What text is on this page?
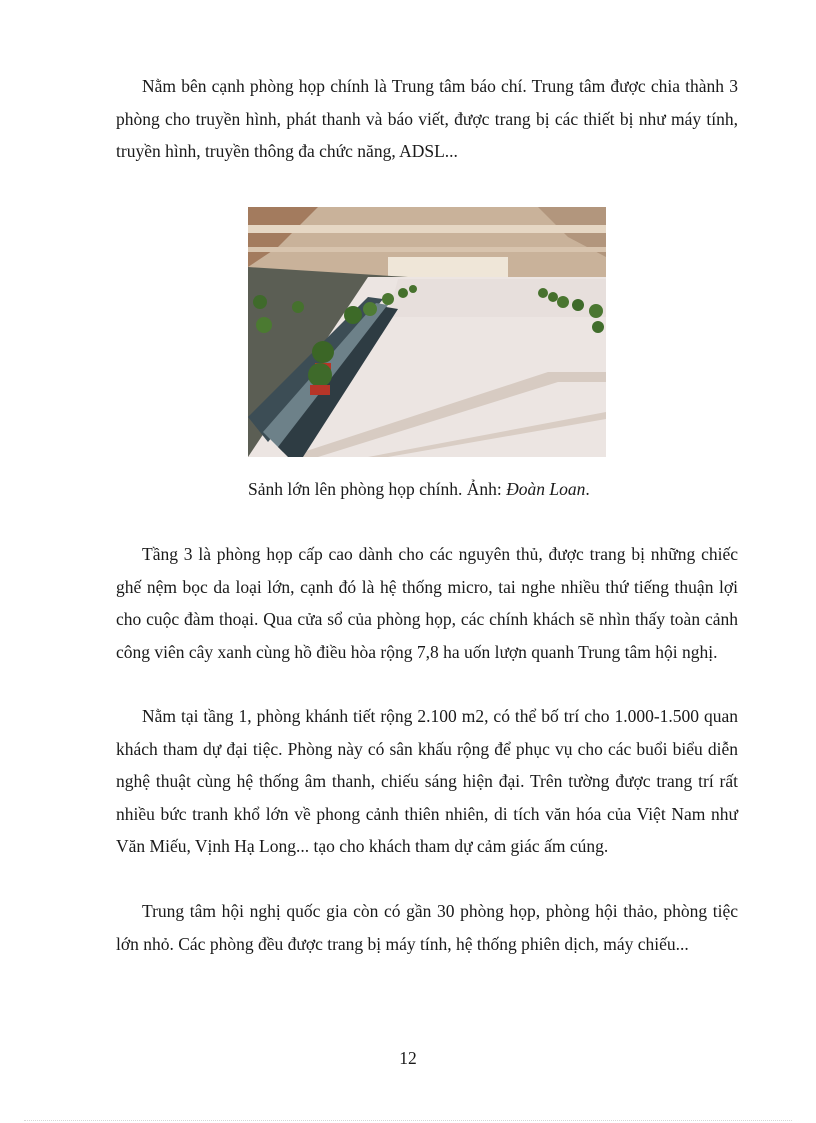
Nằm bên cạnh phòng họp chính là Trung tâm báo chí. Trung tâm được chia thành 3 phòng cho truyền hình, phát thanh và báo viết, được trang bị các thiết bị như máy tính, truyền hình, truyền thông đa chức năng, ADSL...

Sảnh lớn lên phòng họp chính. Ảnh: Đoàn Loan.

Tầng 3 là phòng họp cấp cao dành cho các nguyên thủ, được trang bị những chiếc ghế nệm bọc da loại lớn, cạnh đó là hệ thống micro, tai nghe nhiều thứ tiếng thuận lợi cho cuộc đàm thoại. Qua cửa sổ của phòng họp, các chính khách sẽ nhìn thấy toàn cảnh công viên cây xanh cùng hồ điều hòa rộng 7,8 ha uốn lượn quanh Trung tâm hội nghị.

Nằm tại tầng 1, phòng khánh tiết rộng 2.100 m2, có thể bố trí cho 1.000-1.500 quan khách tham dự đại tiệc. Phòng này có sân khấu rộng để phục vụ cho các buổi biểu diễn nghệ thuật cùng hệ thống âm thanh, chiếu sáng hiện đại. Trên tường được trang trí rất nhiều bức tranh khổ lớn về phong cảnh thiên nhiên, di tích văn hóa của Việt Nam như Văn Miếu, Vịnh Hạ Long... tạo cho khách tham dự cảm giác ấm cúng.

Trung tâm hội nghị quốc gia còn có gần 30 phòng họp, phòng hội thảo, phòng tiệc lớn nhỏ. Các phòng đều được trang bị máy tính, hệ thống phiên dịch, máy chiếu...

12
